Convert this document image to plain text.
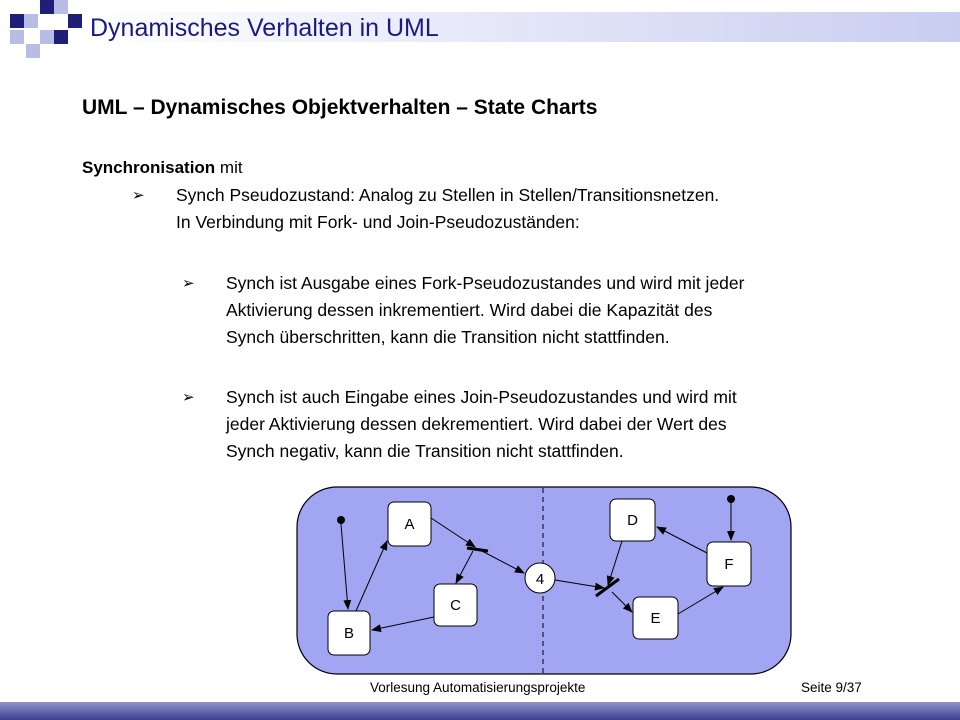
Dynamisches Verhalten in UML
UML – Dynamisches Objektverhalten – State Charts
Synchronisation mit
➢ Synch Pseudozustand: Analog zu Stellen in Stellen/Transitionsnetzen.
In Verbindung mit Fork- und Join-Pseudozuständen:
➢ Synch ist Ausgabe eines Fork-Pseudozustandes und wird mit jeder
Aktivierung dessen inkrementiert. Wird dabei die Kapazität des
Synch überschritten, kann die Transition nicht stattfinden.
➢ Synch ist auch Eingabe eines Join-Pseudozustandes und wird mit
jeder Aktivierung dessen dekrementiert. Wird dabei der Wert des
Synch negativ, kann die Transition nicht stattfinden.
A
B
C
D
E
F
4
Vorlesung Automatisierungsprojekte	Seite 9/37
